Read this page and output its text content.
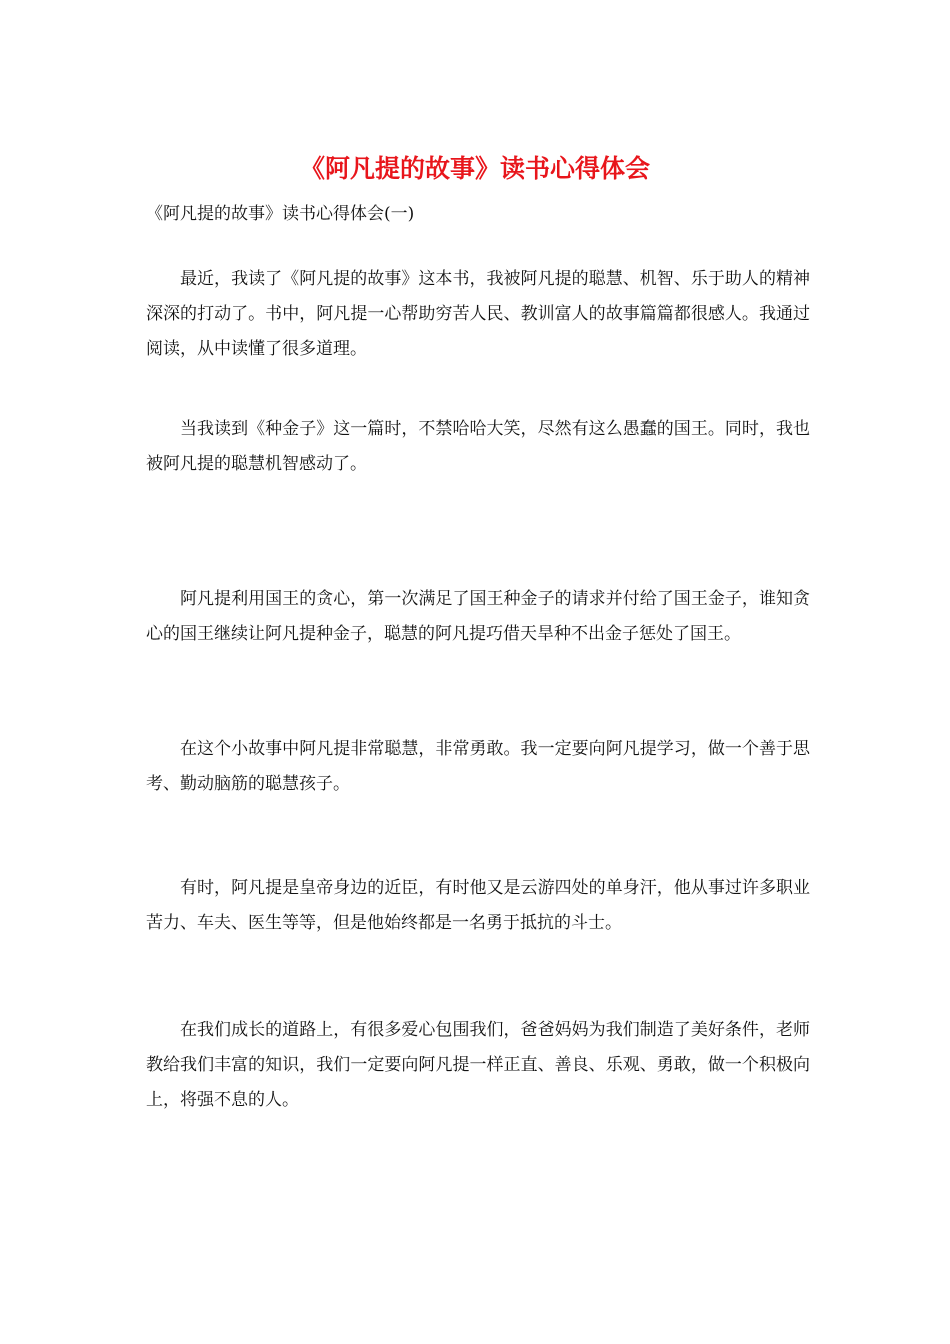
《阿凡提的故事》读书心得体会
《阿凡提的故事》读书心得体会(一)

最近，我读了《阿凡提的故事》这本书，我被阿凡提的聪慧、机智、乐于助人的精神深深的打动了。书中，阿凡提一心帮助穷苦人民、教训富人的故事篇篇都很感人。我通过阅读，从中读懂了很多道理。

当我读到《种金子》这一篇时，不禁哈哈大笑，尽然有这么愚蠢的国王。同时，我也被阿凡提的聪慧机智感动了。

阿凡提利用国王的贪心，第一次满足了国王种金子的请求并付给了国王金子，谁知贪心的国王继续让阿凡提种金子，聪慧的阿凡提巧借天旱种不出金子惩处了国王。

在这个小故事中阿凡提非常聪慧，非常勇敢。我一定要向阿凡提学习，做一个善于思考、勤动脑筋的聪慧孩子。

有时，阿凡提是皇帝身边的近臣，有时他又是云游四处的单身汗，他从事过许多职业苦力、车夫、医生等等，但是他始终都是一名勇于抵抗的斗士。

在我们成长的道路上，有很多爱心包围我们，爸爸妈妈为我们制造了美好条件，老师教给我们丰富的知识，我们一定要向阿凡提一样正直、善良、乐观、勇敢，做一个积极向上，将强不息的人。
